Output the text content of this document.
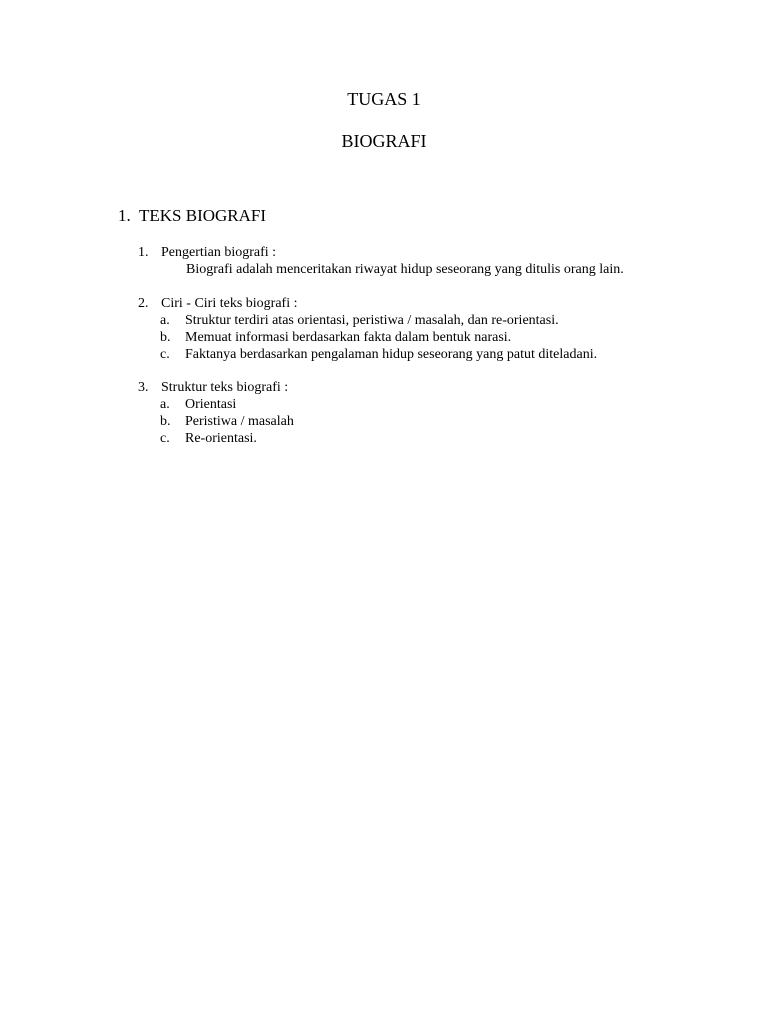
TUGAS 1
BIOGRAFI
1. TEKS BIOGRAFI
1. Pengertian biografi :
Biografi adalah menceritakan riwayat hidup seseorang yang ditulis orang lain.
2. Ciri - Ciri teks biografi :
a. Struktur terdiri atas orientasi, peristiwa / masalah, dan re-orientasi.
b. Memuat informasi berdasarkan fakta dalam bentuk narasi.
c. Faktanya berdasarkan pengalaman hidup seseorang yang patut diteladani.
3. Struktur teks biografi :
a. Orientasi
b. Peristiwa / masalah
c. Re-orientasi.
